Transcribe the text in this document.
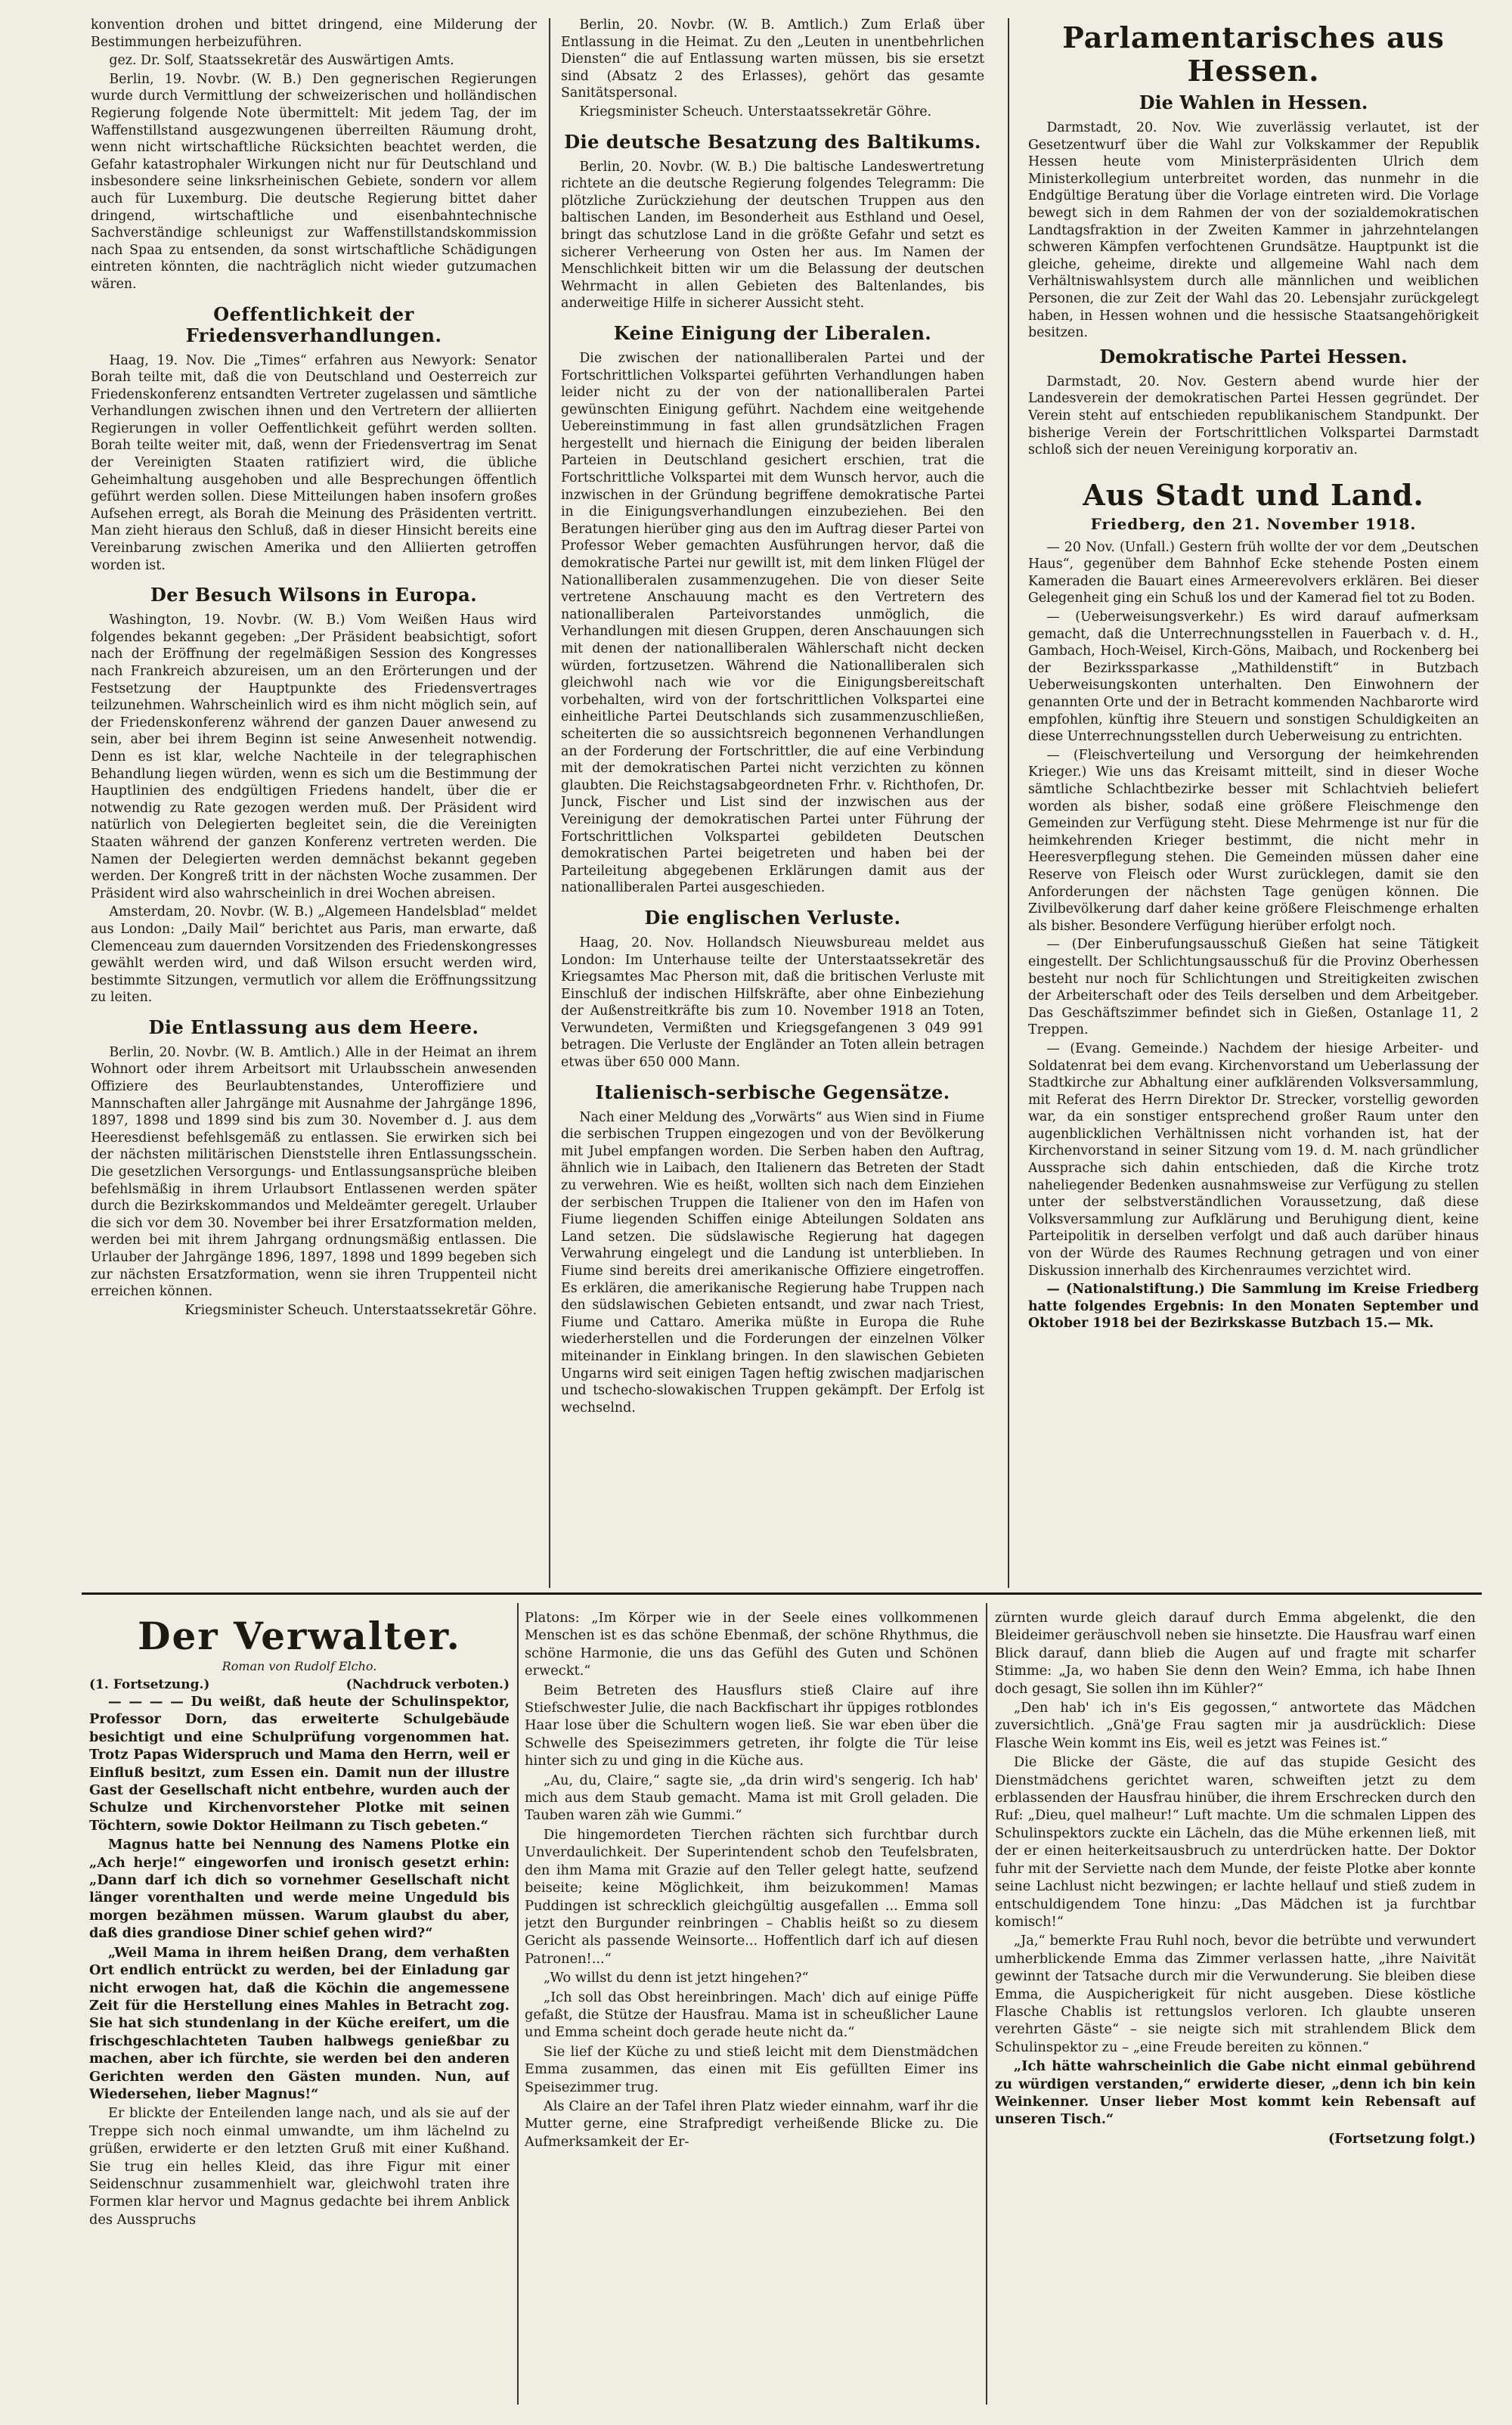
konvention drohen und bittet dringend, eine Milderung der Bestimmungen herbeizuführen.

gez. Dr. Solf, Staatssekretär des Auswärtigen Amts.

Berlin, 19. Novbr. (W. B.) Den gegnerischen Regierungen wurde durch Vermittlung der schweizerischen und holländischen Regierung folgende Note übermittelt: Mit jedem Tag, der im Waffenstillstand ausgezwungenen überreilten Räumung droht, wenn nicht wirtschaftliche Rücksichten beachtet werden, die Gefahr katastrophaler Wirkungen nicht nur für Deutschland und insbesondere seine linksrheinischen Gebiete, sondern vor allem auch für Luxemburg. Die deutsche Regierung bittet daher dringend, wirtschaftliche und eisenbahntechnische Sachverständige schleunigst zur Waffenstillstandskommission nach Spaa zu entsenden, da sonst wirtschaftliche Schädigungen eintreten könnten, die nachträglich nicht wieder gutzumachen wären.

Oeffentlichkeit der Friedensverhandlungen.

Haag, 19. Nov. Die „Times“ erfahren aus Newyork: Senator Borah teilte mit, daß die von Deutschland und Oesterreich zur Friedenskonferenz entsandten Vertreter zugelassen und sämtliche Verhandlungen zwischen ihnen und den Vertretern der alliierten Regierungen in voller Oeffentlichkeit geführt werden sollten. Borah teilte weiter mit, daß, wenn der Friedensvertrag im Senat der Vereinigten Staaten ratifiziert wird, die übliche Geheimhaltung ausgehoben und alle Besprechungen öffentlich geführt werden sollen. Diese Mitteilungen haben insofern großes Aufsehen erregt, als Borah die Meinung des Präsidenten vertritt. Man zieht hieraus den Schluß, daß in dieser Hinsicht bereits eine Vereinbarung zwischen Amerika und den Alliierten getroffen worden ist.

Der Besuch Wilsons in Europa.

Washington, 19. Novbr. (W. B.) Vom Weißen Haus wird folgendes bekannt gegeben: „Der Präsident beabsichtigt, sofort nach der Eröffnung der regelmäßigen Session des Kongresses nach Frankreich abzureisen, um an den Erörterungen und der Festsetzung der Hauptpunkte des Friedensvertrages teilzunehmen. Wahrscheinlich wird es ihm nicht möglich sein, auf der Friedenskonferenz während der ganzen Dauer anwesend zu sein, aber bei ihrem Beginn ist seine Anwesenheit notwendig. Denn es ist klar, welche Nachteile in der telegraphischen Behandlung liegen würden, wenn es sich um die Bestimmung der Hauptlinien des endgültigen Friedens handelt, über die er notwendig zu Rate gezogen werden muß. Der Präsident wird natürlich von Delegierten begleitet sein, die die Vereinigten Staaten während der ganzen Konferenz vertreten werden. Die Namen der Delegierten werden demnächst bekannt gegeben werden. Der Kongreß tritt in der nächsten Woche zusammen. Der Präsident wird also wahrscheinlich in drei Wochen abreisen.

Amsterdam, 20. Novbr. (W. B.) „Algemeen Handelsblad“ meldet aus London: „Daily Mail“ berichtet aus Paris, man erwarte, daß Clemenceau zum dauernden Vorsitzenden des Friedenskongresses gewählt werden wird, und daß Wilson ersucht werden wird, bestimmte Sitzungen, vermutlich vor allem die Eröffnungssitzung zu leiten.

Die Entlassung aus dem Heere.

Berlin, 20. Novbr. (W. B. Amtlich.) Alle in der Heimat an ihrem Wohnort oder ihrem Arbeitsort mit Urlaubsschein anwesenden Offiziere des Beurlaubtenstandes, Unteroffiziere und Mannschaften aller Jahrgänge mit Ausnahme der Jahrgänge 1896, 1897, 1898 und 1899 sind bis zum 30. November d. J. aus dem Heeresdienst befehlsgemäß zu entlassen. Sie erwirken sich bei der nächsten militärischen Dienststelle ihren Entlassungsschein. Die gesetzlichen Versorgungs- und Entlassungsansprüche bleiben befehlsmäßig in ihrem Urlaubsort Entlassenen werden später durch die Bezirkskommandos und Meldeämter geregelt. Urlauber die sich vor dem 30. November bei ihrer Ersatzformation melden, werden bei mit ihrem Jahrgang ordnungsmäßig entlassen. Die Urlauber der Jahrgänge 1896, 1897, 1898 und 1899 begeben sich zur nächsten Ersatzformation, wenn sie ihren Truppenteil nicht erreichen können.

Kriegsminister Scheuch. Unterstaatssekretär Göhre.

Berlin, 20. Novbr. (W. B. Amtlich.) Zum Erlaß über Entlassung in die Heimat. Zu den „Leuten in unentbehrlichen Diensten“ die auf Entlassung warten müssen, bis sie ersetzt sind (Absatz 2 des Erlasses), gehört das gesamte Sanitätspersonal.

Kriegsminister Scheuch. Unterstaatssekretär Göhre.

Die deutsche Besatzung des Baltikums.

Berlin, 20. Novbr. (W. B.) Die baltische Landeswertretung richtete an die deutsche Regierung folgendes Telegramm: Die plötzliche Zurückziehung der deutschen Truppen aus den baltischen Landen, im Besonderheit aus Esthland und Oesel, bringt das schutzlose Land in die größte Gefahr und setzt es sicherer Verheerung von Osten her aus. Im Namen der Menschlichkeit bitten wir um die Belassung der deutschen Wehrmacht in allen Gebieten des Baltenlandes, bis anderweitige Hilfe in sicherer Aussicht steht.

Keine Einigung der Liberalen.

Die zwischen der nationalliberalen Partei und der Fortschrittlichen Volkspartei geführten Verhandlungen haben leider nicht zu der von der nationalliberalen Partei gewünschten Einigung geführt. Nachdem eine weitgehende Uebereinstimmung in fast allen grundsätzlichen Fragen hergestellt und hiernach die Einigung der beiden liberalen Parteien in Deutschland gesichert erschien, trat die Fortschrittliche Volkspartei mit dem Wunsch hervor, auch die inzwischen in der Gründung begriffene demokratische Partei in die Einigungsverhandlungen einzubeziehen. Bei den Beratungen hierüber ging aus den im Auftrag dieser Partei von Professor Weber gemachten Ausführungen hervor, daß die demokratische Partei nur gewillt ist, mit dem linken Flügel der Nationalliberalen zusammenzugehen. Die von dieser Seite vertretene Anschauung macht es den Vertretern des nationalliberalen Parteivorstandes unmöglich, die Verhandlungen mit diesen Gruppen, deren Anschauungen sich mit denen der nationalliberalen Wählerschaft nicht decken würden, fortzusetzen. Während die Nationalliberalen sich gleichwohl nach wie vor die Einigungsbereitschaft vorbehalten, wird von der fortschrittlichen Volkspartei eine einheitliche Partei Deutschlands sich zusammenzuschließen, scheiterten die so aussichtsreich begonnenen Verhandlungen an der Forderung der Fortschrittler, die auf eine Verbindung mit der demokratischen Partei nicht verzichten zu können glaubten. Die Reichstagsabgeordneten Frhr. v. Richthofen, Dr. Junck, Fischer und List sind der inzwischen aus der Vereinigung der demokratischen Partei unter Führung der Fortschrittlichen Volkspartei gebildeten Deutschen demokratischen Partei beigetreten und haben bei der Parteileitung abgegebenen Erklärungen damit aus der nationalliberalen Partei ausgeschieden.

Die englischen Verluste.

Haag, 20. Nov. Hollandsch Nieuwsbureau meldet aus London: Im Unterhause teilte der Unterstaatssekretär des Kriegsamtes Mac Pherson mit, daß die britischen Verluste mit Einschluß der indischen Hilfskräfte, aber ohne Einbeziehung der Außenstreitkräfte bis zum 10. November 1918 an Toten, Verwundeten, Vermißten und Kriegsgefangenen 3 049 991 betragen. Die Verluste der Engländer an Toten allein betragen etwas über 650 000 Mann.

Italienisch-serbische Gegensätze.

Nach einer Meldung des „Vorwärts“ aus Wien sind in Fiume die serbischen Truppen eingezogen und von der Bevölkerung mit Jubel empfangen worden. Die Serben haben den Auftrag, ähnlich wie in Laibach, den Italienern das Betreten der Stadt zu verwehren. Wie es heißt, wollten sich nach dem Einziehen der serbischen Truppen die Italiener von den im Hafen von Fiume liegenden Schiffen einige Abteilungen Soldaten ans Land setzen. Die südslawische Regierung hat dagegen Verwahrung eingelegt und die Landung ist unterblieben. In Fiume sind bereits drei amerikanische Offiziere eingetroffen. Es erklären, die amerikanische Regierung habe Truppen nach den südslawischen Gebieten entsandt, und zwar nach Triest, Fiume und Cattaro. Amerika müßte in Europa die Ruhe wiederherstellen und die Forderungen der einzelnen Völker miteinander in Einklang bringen. In den slawischen Gebieten Ungarns wird seit einigen Tagen heftig zwischen madjarischen und tschecho-slowakischen Truppen gekämpft. Der Erfolg ist wechselnd.

Parlamentarisches aus Hessen.
Die Wahlen in Hessen.

Darmstadt, 20. Nov. Wie zuverlässig verlautet, ist der Gesetzentwurf über die Wahl zur Volkskammer der Republik Hessen heute vom Ministerpräsidenten Ulrich dem Ministerkollegium unterbreitet worden, das nunmehr in die Endgültige Beratung über die Vorlage eintreten wird. Die Vorlage bewegt sich in dem Rahmen der von der sozialdemokratischen Landtagsfraktion in der Zweiten Kammer in jahrzehntelangen schweren Kämpfen verfochtenen Grundsätze. Hauptpunkt ist die gleiche, geheime, direkte und allgemeine Wahl nach dem Verhältniswahlsystem durch alle männlichen und weiblichen Personen, die zur Zeit der Wahl das 20. Lebensjahr zurückgelegt haben, in Hessen wohnen und die hessische Staatsangehörigkeit besitzen.

Demokratische Partei Hessen.

Darmstadt, 20. Nov. Gestern abend wurde hier der Landesverein der demokratischen Partei Hessen gegründet. Der Verein steht auf entschieden republikanischem Standpunkt. Der bisherige Verein der Fortschrittlichen Volkspartei Darmstadt schloß sich der neuen Vereinigung korporativ an.

Aus Stadt und Land.
Friedberg, den 21. November 1918.

— 20 Nov. (Unfall.) Gestern früh wollte der vor dem „Deutschen Haus“, gegenüber dem Bahnhof Ecke stehende Posten einem Kameraden die Bauart eines Armeerevolvers erklären. Bei dieser Gelegenheit ging ein Schuß los und der Kamerad fiel tot zu Boden.

— (Ueberweisungsverkehr.) Es wird darauf aufmerksam gemacht, daß die Unterrechnungsstellen in Fauerbach v. d. H., Gambach, Hoch-Weisel, Kirch-Göns, Maibach, und Rockenberg bei der Bezirkssparkasse „Mathildenstift“ in Butzbach Ueberweisungskonten unterhalten. Den Einwohnern der genannten Orte und der in Betracht kommenden Nachbarorte wird empfohlen, künftig ihre Steuern und sonstigen Schuldigkeiten an diese Unterrechnungsstellen durch Ueberweisung zu entrichten.

— (Fleischverteilung und Versorgung der heimkehrenden Krieger.) Wie uns das Kreisamt mitteilt, sind in dieser Woche sämtliche Schlachtbezirke besser mit Schlachtvieh beliefert worden als bisher, sodaß eine größere Fleischmenge den Gemeinden zur Verfügung steht. Diese Mehrmenge ist nur für die heimkehrenden Krieger bestimmt, die nicht mehr in Heeresverpflegung stehen. Die Gemeinden müssen daher eine Reserve von Fleisch oder Wurst zurücklegen, damit sie den Anforderungen der nächsten Tage genügen können. Die Zivilbevölkerung darf daher keine größere Fleischmenge erhalten als bisher. Besondere Verfügung hierüber erfolgt noch.

— (Der Einberufungsausschuß Gießen hat seine Tätigkeit eingestellt. Der Schlichtungsausschuß für die Provinz Oberhessen besteht nur noch für Schlichtungen und Streitigkeiten zwischen der Arbeiterschaft oder des Teils derselben und dem Arbeitgeber. Das Geschäftszimmer befindet sich in Gießen, Ostanlage 11, 2 Treppen.

— (Evang. Gemeinde.) Nachdem der hiesige Arbeiter- und Soldatenrat bei dem evang. Kirchenvorstand um Ueberlassung der Stadtkirche zur Abhaltung einer aufklärenden Volksversammlung, mit Referat des Herrn Direktor Dr. Strecker, vorstellig geworden war, da ein sonstiger entsprechend großer Raum unter den augenblicklichen Verhältnissen nicht vorhanden ist, hat der Kirchenvorstand in seiner Sitzung vom 19. d. M. nach gründlicher Aussprache sich dahin entschieden, daß die Kirche trotz naheliegender Bedenken ausnahmsweise zur Verfügung zu stellen unter der selbstverständlichen Voraussetzung, daß diese Volksversammlung zur Aufklärung und Beruhigung dient, keine Parteipolitik in derselben verfolgt und daß auch darüber hinaus von der Würde des Raumes Rechnung getragen und von einer Diskussion innerhalb des Kirchenraumes verzichtet wird.

— (Nationalstiftung.) Die Sammlung im Kreise Friedberg hatte folgendes Ergebnis: In den Monaten September und Oktober 1918 bei der Bezirkskasse Butzbach 15.— Mk.

Der Verwalter.
Roman von Rudolf Elcho.
(1. Fortsetzung.)	(Nachdruck verboten.)

— — — — Du weißt, daß heute der Schulinspektor, Professor Dorn, das erweiterte Schulgebäude besichtigt und eine Schulprüfung vorgenommen hat. Trotz Papas Widerspruch und Mama den Herrn, weil er Einfluß besitzt, zum Essen ein. Damit nun der illustre Gast der Gesellschaft nicht entbehre, wurden auch der Schulze und Kirchenvorsteher Plotke mit seinen Töchtern, sowie Doktor Heilmann zu Tisch gebeten.“

Magnus hatte bei Nennung des Namens Plotke ein „Ach herje!“ eingeworfen und ironisch gesetzt erhin: „Dann darf ich dich so vornehmer Gesellschaft nicht länger vorenthalten und werde meine Ungeduld bis morgen bezähmen müssen. Warum glaubst du aber, daß dies grandiose Diner schief gehen wird?“

„Weil Mama in ihrem heißen Drang, dem verhaßten Ort endlich entrückt zu werden, bei der Einladung gar nicht erwogen hat, daß die Köchin die angemessene Zeit für die Herstellung eines Mahles in Betracht zog. Sie hat sich stundenlang in der Küche ereifert, um die frischgeschlachteten Tauben halbwegs genießbar zu machen, aber ich fürchte, sie werden bei den anderen Gerichten werden den Gästen munden. Nun, auf Wiedersehen, lieber Magnus!“

Er blickte der Enteilenden lange nach, und als sie auf der Treppe sich noch einmal umwandte, um ihm lächelnd zu grüßen, erwiderte er den letzten Gruß mit einer Kußhand. Sie trug ein helles Kleid, das ihre Figur mit einer Seidenschnur zusammenhielt war, gleichwohl traten ihre Formen klar hervor und Magnus gedachte bei ihrem Anblick des Ausspruchs

Platons: „Im Körper wie in der Seele eines vollkommenen Menschen ist es das schöne Ebenmaß, der schöne Rhythmus, die schöne Harmonie, die uns das Gefühl des Guten und Schönen erweckt.“

Beim Betreten des Hausflurs stieß Claire auf ihre Stiefschwester Julie, die nach Backfischart ihr üppiges rotblondes Haar lose über die Schultern wogen ließ. Sie war eben über die Schwelle des Speisezimmers getreten, ihr folgte die Tür leise hinter sich zu und ging in die Küche aus.

„Au, du, Claire,“ sagte sie, „da drin wird's sengerig. Ich hab' mich aus dem Staub gemacht. Mama ist mit Groll geladen. Die Tauben waren zäh wie Gummi.“

Die hingemordeten Tierchen rächten sich furchtbar durch Unverdaulichkeit. Der Superintendent schob den Teufelsbraten, den ihm Mama mit Grazie auf den Teller gelegt hatte, seufzend beiseite; keine Möglichkeit, ihm beizukommen! Mamas Puddingen ist schrecklich gleichgültig ausgefallen ... Emma soll jetzt den Burgunder reinbringen – Chablis heißt so zu diesem Gericht als passende Weinsorte... Hoffentlich darf ich auf diesen Patronen!...“

„Wo willst du denn ist jetzt hingehen?“

„Ich soll das Obst hereinbringen. Mach' dich auf einige Püffe gefaßt, die Stütze der Hausfrau. Mama ist in scheußlicher Laune und Emma scheint doch gerade heute nicht da.“

Sie lief der Küche zu und stieß leicht mit dem Dienstmädchen Emma zusammen, das einen mit Eis gefüllten Eimer ins Speisezimmer trug.

Als Claire an der Tafel ihren Platz wieder einnahm, warf ihr die Mutter gerne, eine Strafpredigt verheißende Blicke zu. Die Aufmerksamkeit der Er-

zürnten wurde gleich darauf durch Emma abgelenkt, die den Bleideimer geräuschvoll neben sie hinsetzte. Die Hausfrau warf einen Blick darauf, dann blieb die Augen auf und fragte mit scharfer Stimme: „Ja, wo haben Sie denn den Wein? Emma, ich habe Ihnen doch gesagt, Sie sollen ihn im Kühler?“

„Den hab' ich in's Eis gegossen,“ antwortete das Mädchen zuversichtlich. „Gnä'ge Frau sagten mir ja ausdrücklich: Diese Flasche Wein kommt ins Eis, weil es jetzt was Feines ist.“

Die Blicke der Gäste, die auf das stupide Gesicht des Dienstmädchens gerichtet waren, schweiften jetzt zu dem erblassenden der Hausfrau hinüber, die ihrem Erschrecken durch den Ruf: „Dieu, quel malheur!“ Luft machte. Um die schmalen Lippen des Schulinspektors zuckte ein Lächeln, das die Mühe erkennen ließ, mit der er einen heiterkeitsausbruch zu unterdrücken hatte. Der Doktor fuhr mit der Serviette nach dem Munde, der feiste Plotke aber konnte seine Lachlust nicht bezwingen; er lachte hellauf und stieß zudem in entschuldigendem Tone hinzu: „Das Mädchen ist ja furchtbar komisch!“

„Ja,“ bemerkte Frau Ruhl noch, bevor die betrübte und verwundert umherblickende Emma das Zimmer verlassen hatte, „ihre Naivität gewinnt der Tatsache durch mir die Verwunderung. Sie bleiben diese Emma, die Auspicherigkeit für nicht ausgeben. Diese köstliche Flasche Chablis ist rettungslos verloren. Ich glaubte unseren verehrten Gäste“ – sie neigte sich mit strahlendem Blick dem Schulinspektor zu – „eine Freude bereiten zu können.“

„Ich hätte wahrscheinlich die Gabe nicht einmal gebührend zu würdigen verstanden,“ erwiderte dieser, „denn ich bin kein Weinkenner. Unser lieber Most kommt kein Rebensaft auf unseren Tisch.“

(Fortsetzung folgt.)
